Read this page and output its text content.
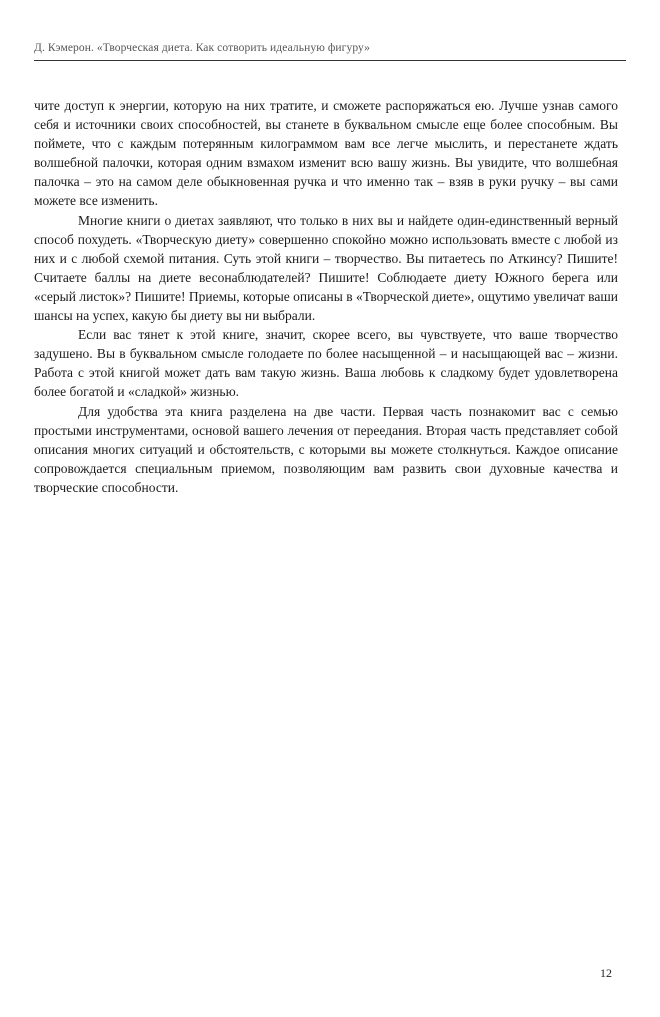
Д. Кэмерон. «Творческая диета. Как сотворить идеальную фигуру»

чите доступ к энергии, которую на них тратите, и сможете распоряжаться ею. Лучше узнав самого себя и источники своих способностей, вы станете в буквальном смысле еще более способным. Вы поймете, что с каждым потерянным килограммом вам все легче мыслить, и перестанете ждать волшебной палочки, которая одним взмахом изменит всю вашу жизнь. Вы увидите, что волшебная палочка – это на самом деле обыкновенная ручка и что именно так – взяв в руки ручку – вы сами можете все изменить.

Многие книги о диетах заявляют, что только в них вы и найдете один-единственный верный способ похудеть. «Творческую диету» совершенно спокойно можно использовать вместе с любой из них и с любой схемой питания. Суть этой книги – творчество. Вы питаетесь по Аткинсу? Пишите! Считаете баллы на диете весонаблюдателей? Пишите! Соблюдаете диету Южного берега или «серый листок»? Пишите! Приемы, которые описаны в «Творческой диете», ощутимо увеличат ваши шансы на успех, какую бы диету вы ни выбрали.

Если вас тянет к этой книге, значит, скорее всего, вы чувствуете, что ваше творчество задушено. Вы в буквальном смысле голодаете по более насыщенной – и насыщающей вас – жизни. Работа с этой книгой может дать вам такую жизнь. Ваша любовь к сладкому будет удовлетворена более богатой и «сладкой» жизнью.

Для удобства эта книга разделена на две части. Первая часть познакомит вас с семью простыми инструментами, основой вашего лечения от переедания. Вторая часть представляет собой описания многих ситуаций и обстоятельств, с которыми вы можете столкнуться. Каждое описание сопровождается специальным приемом, позволяющим вам развить свои духовные качества и творческие способности.

12
